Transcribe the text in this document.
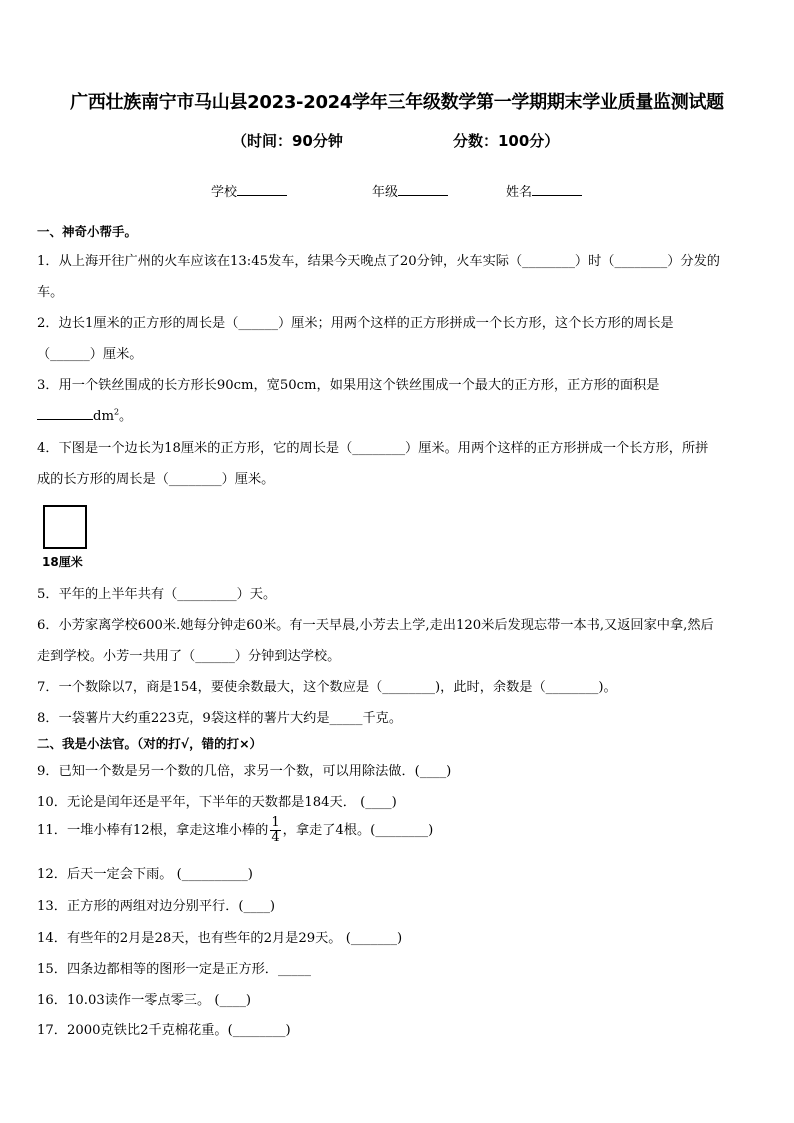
广西壮族南宁市马山县2023-2024学年三年级数学第一学期期末学业质量监测试题
（时间：90分钟	分数：100分）
学校	年级	姓名
一、神奇小帮手。
1．从上海开往广州的火车应该在13:45发车，结果今天晚点了20分钟，火车实际（________）时（________）分发的
车。
2．边长1厘米的正方形的周长是（______）厘米；用两个这样的正方形拼成一个长方形，这个长方形的周长是
（______）厘米。
3．用一个铁丝围成的长方形长90cm，宽50cm，如果用这个铁丝围成一个最大的正方形，正方形的面积是
$dm^2$。
4．下图是一个边长为18厘米的正方形，它的周长是（________）厘米。用两个这样的正方形拼成一个长方形，所拼
成的长方形的周长是（________）厘米。
18厘米
5．平年的上半年共有（_________）天。
6．小芳家离学校600米.她每分钟走60米。有一天早晨,小芳去上学,走出120米后发现忘带一本书,又返回家中拿,然后
走到学校。小芳一共用了（______）分钟到达学校。
7．一个数除以7，商是154，要使余数最大，这个数应是（________)，此时，余数是（________)。
8．一袋薯片大约重223克，9袋这样的薯片大约是_____千克。
二、我是小法官。（对的打√，错的打×）
9．已知一个数是另一个数的几倍，求另一个数，可以用除法做．(____)
10．无论是闰年还是平年，下半年的天数都是184天． (____)
11．一堆小棒有12根，拿走这堆小棒的 $\frac{1}{4}$ ，拿走了4根。(________)
12．后天一定会下雨。 (__________)
13．正方形的两组对边分别平行．(____)
14．有些年的2月是28天，也有些年的2月是29天。 (_______)
15．四条边都相等的图形一定是正方形．_____
16．10.03读作一零点零三。 (____)
17．2000克铁比2千克棉花重。(________)
